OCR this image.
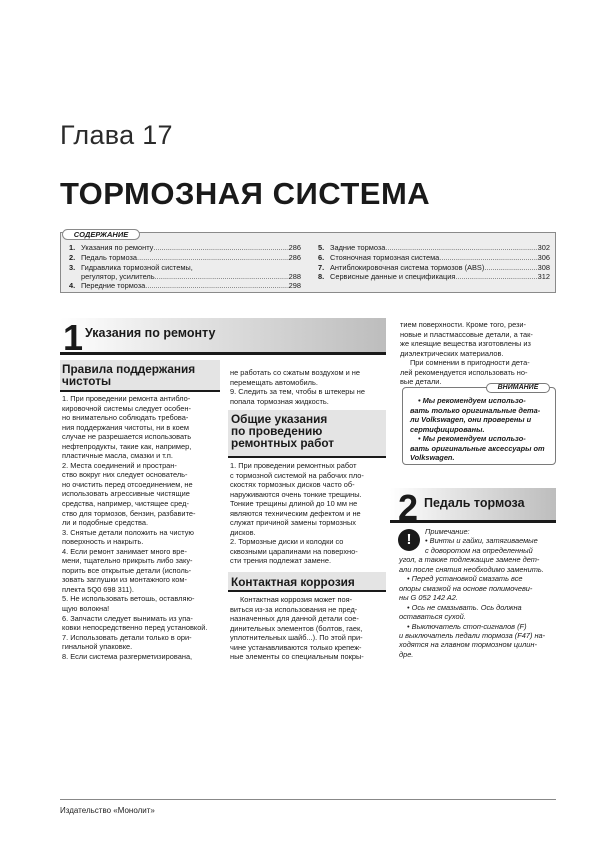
Глава 17
ТОРМОЗНАЯ СИСТЕМА
СОДЕРЖАНИЕ
1. Указания по ремонту .....	286
2. Педаль тормоза .....	286
3. Гидравлика тормозной системы,
регулятор, усилитель .....	288
4. Передние тормоза .....	298
5. Задние тормоза .....	302
6. Стояночная тормозная система .....	306
7. Антиблокировочная система тормозов (ABS) .....	308
8. Сервисные данные и спецификация .....	312
1 Указания по ремонту
Правила поддержания
чистоты

1. При проведении ремонта антибло-

кировочной системы следует особен-

но внимательно соблюдать требова-

ния поддержания чистоты, ни в коем

случае не разрешается использовать

нефтепродукты, такие как, например,

пластичные масла, смазки и т.п.

2. Места соединений и простран-

ство вокруг них следует основатель-

но очистить перед отсоединением, не

использовать агрессивные чистящие

средства, например, чистящее сред-

ство для тормозов, бензин, разбавите-

ли и подобные средства.

3. Снятые детали положить на чистую

поверхность и накрыть.

4. Если ремонт занимает много вре-

мени, тщательно прикрыть либо заку-

порить все открытые детали (исполь-

зовать заглушки из монтажного ком-

плекта 5Q0 698 311).

5. Не использовать ветошь, оставляю-

щую волокна!

6. Запчасти следует вынимать из упа-

ковки непосредственно перед установкой.

7. Использовать детали только в ори-

гинальной упаковке.

8. Если система разгерметизирована,

не работать со сжатым воздухом и не

перемещать автомобиль.

9. Следить за тем, чтобы в штекеры не

попала тормозная жидкость.

Общие указания
по проведению
ремонтных работ

1. При проведении ремонтных работ

с тормозной системой на рабочих пло-

скостях тормозных дисков часто об-

наруживаются очень тонкие трещины.

Тонкие трещины длиной до 10 мм не

являются техническим дефектом и не

служат причиной замены тормозных

дисков.

2. Тормозные диски и колодки со

сквозными царапинами на поверхно-

сти трения подлежат замене.

Контактная коррозия

Контактная коррозия может поя-

виться из-за использования не пред-

назначенных для данной детали сое-

динительных элементов (болтов, гаек,

уплотнительных шайб...). По этой при-

чине устанавливаются только крепеж-

ные элементы со специальным покры-

тием поверхности. Кроме того, рези-

новые и пластмассовые детали, а так-

же клеящие вещества изготовлены из

диэлектрических материалов.

При сомнении в пригодности дета-

лей рекомендуется использовать но-

вые детали.

ВНИМАНИЕ

• Мы рекомендуем использо-

вать только оригинальные дета-

ли Volkswagen, они проверены и

сертифицированы.

• Мы рекомендуем использо-

вать оригинальные аксессуары от

Volkswagen.

2 Педаль тормоза
!	Примечание:

• Винты и гайки, затягиваемые

с доворотом на определенный

угол, а также подлежащие замене дет-

али после снятия необходимо заменить.

• Перед установкой смазать все

опоры смазкой на основе полимочеви-

ны G 052 142 A2.

• Ось не смазывать. Ось должна

оставаться сухой.

• Выключатель стоп-сигналов (F)

и выключатель педали тормоза (F47) на-

ходятся на главном тормозном цилин-

дре.

Издательство «Монолит»
